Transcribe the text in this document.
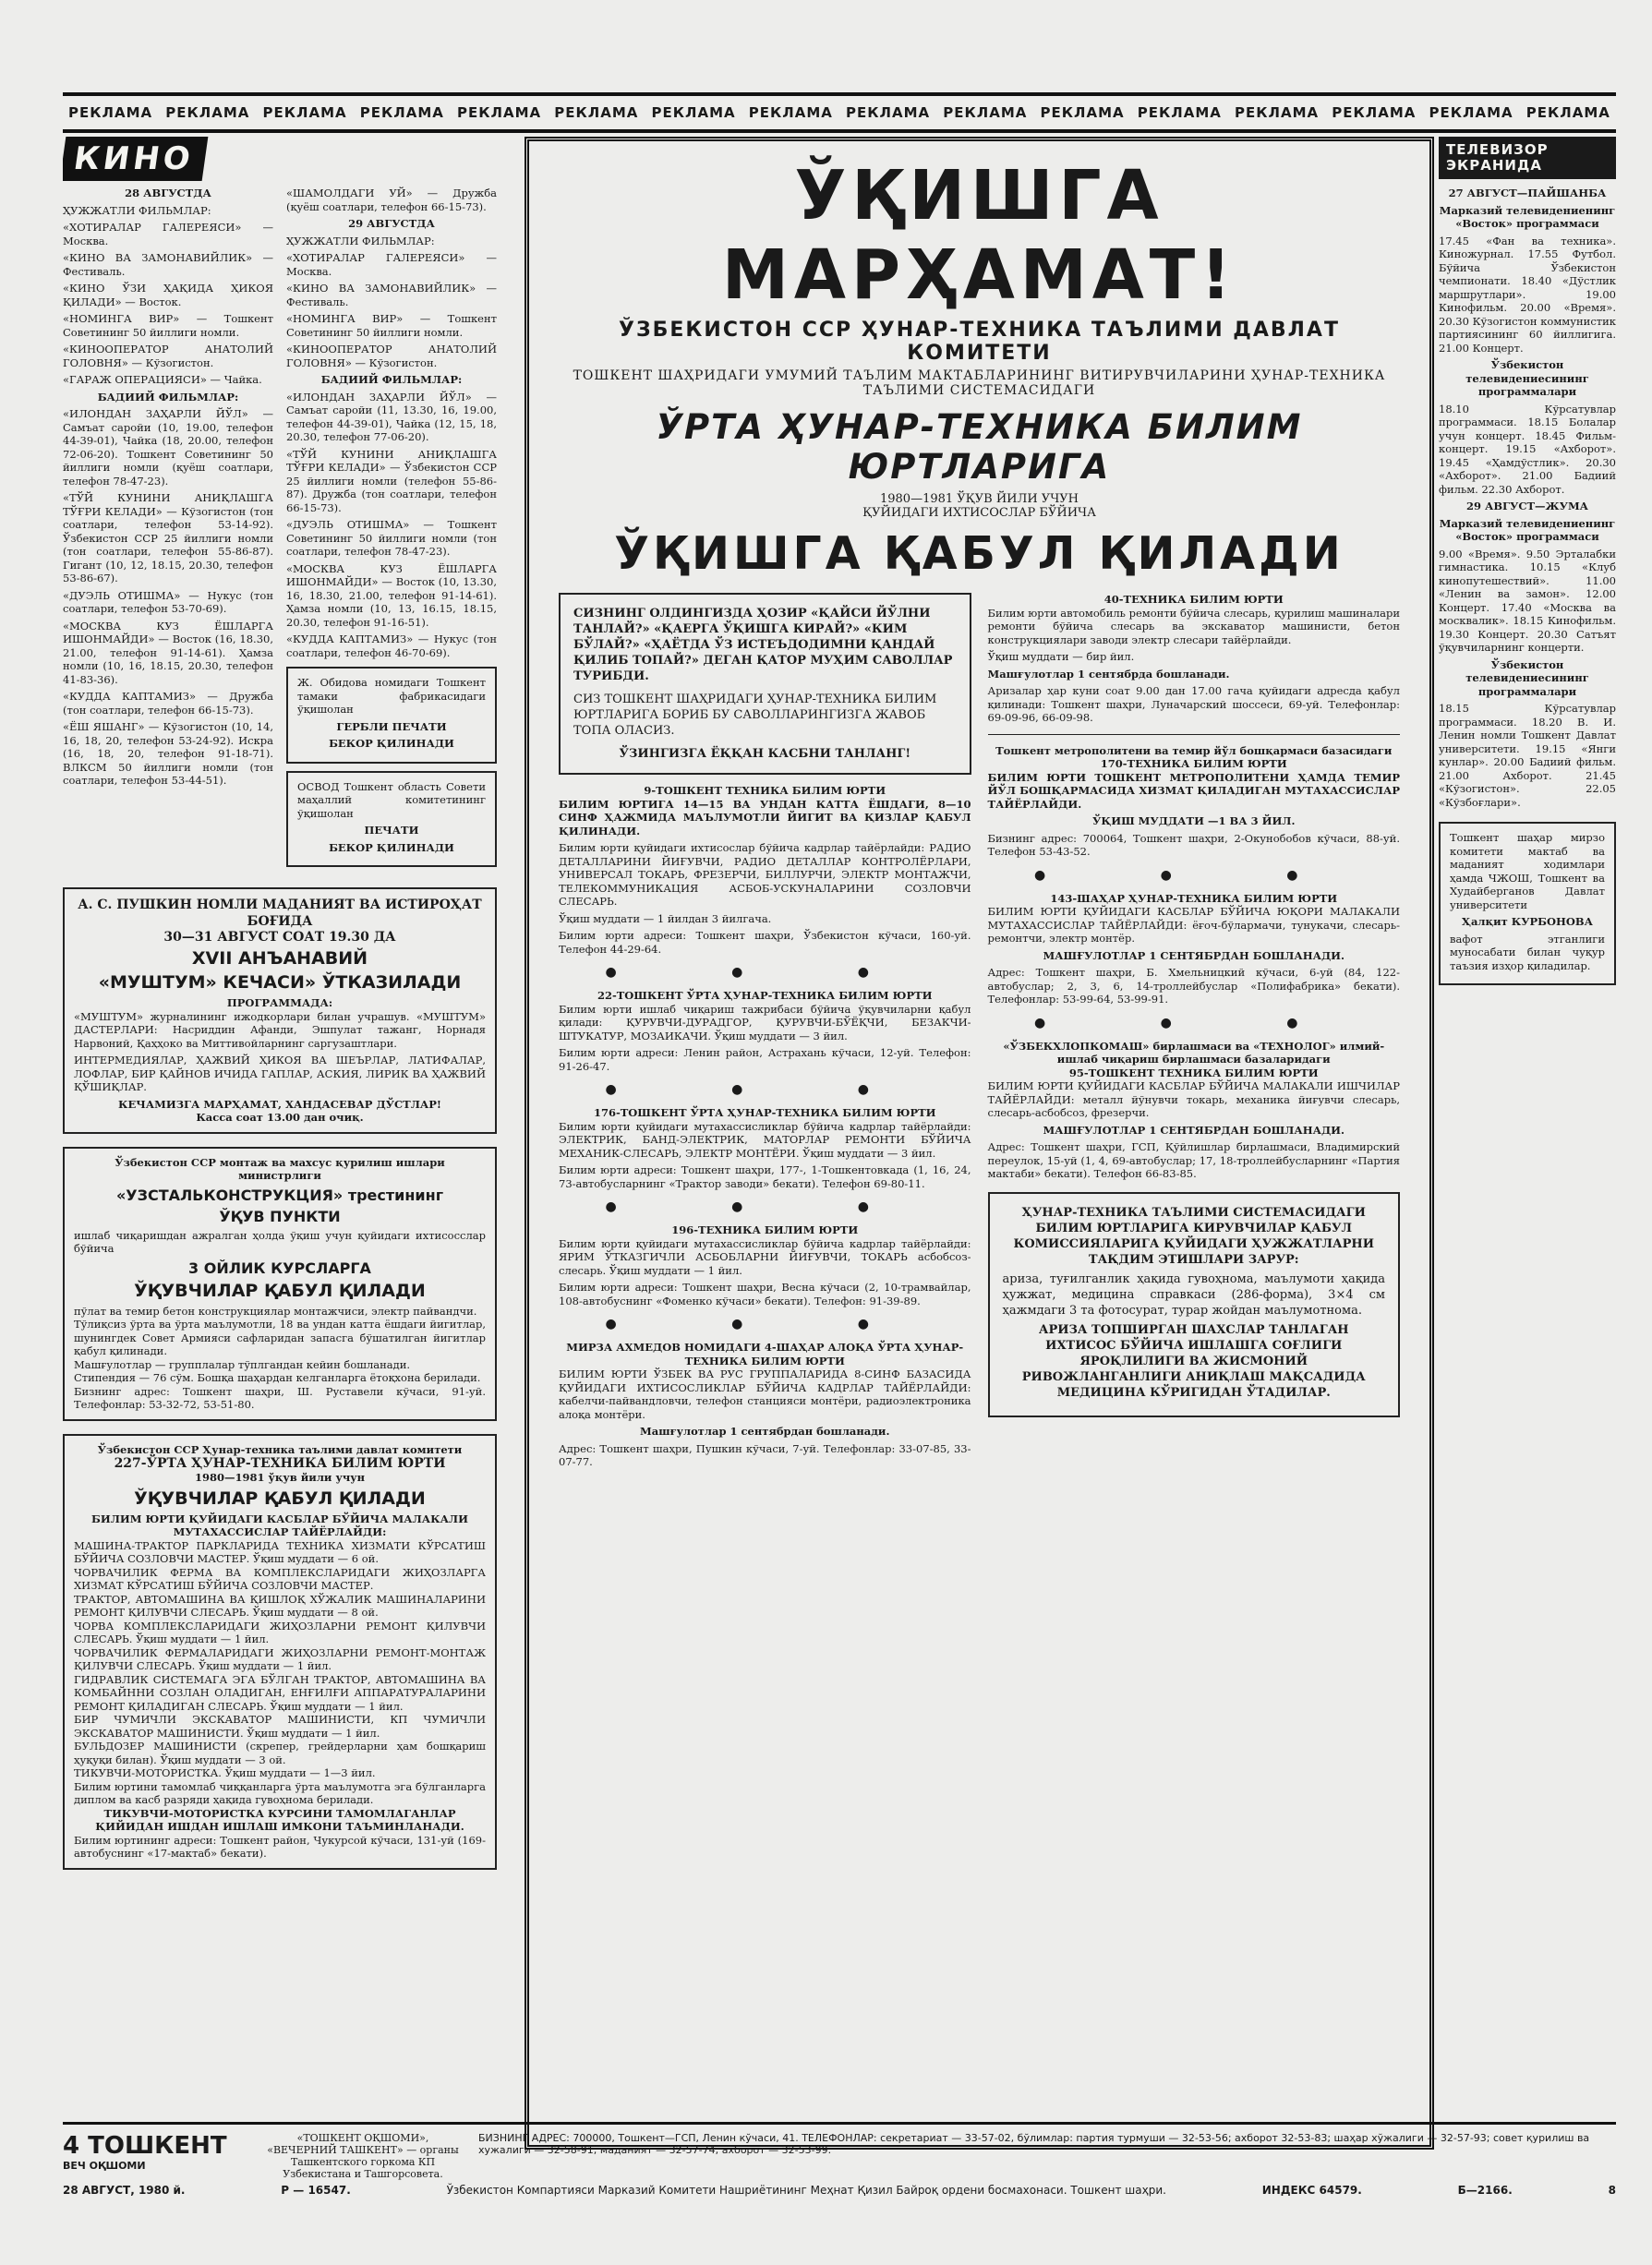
РЕКЛАМА РЕКЛАМА РЕКЛАМА РЕКЛАМА РЕКЛАМА РЕКЛАМА РЕКЛАМА РЕКЛАМА РЕКЛАМА РЕКЛАМА РЕКЛАМА РЕКЛАМА РЕКЛАМА РЕКЛАМА РЕКЛАМА РЕКЛАМА
КИНО

28 АВГУСТДА

ҲУЖЖАТЛИ ФИЛЬМЛАР:

«ХОТИРАЛАР ГАЛЕРЕЯСИ» — Москва.

«КИНО ВА ЗАМОНАВИЙЛИК» — Фестиваль.

«КИНО ЎЗИ ҲАҚИДА ҲИКОЯ ҚИЛАДИ» — Восток.

«НОМИНГА ВИР» — Тошкент Советининг 50 йиллиги номли.

«КИНООПЕРАТОР АНАТОЛИЙ ГОЛОВНЯ» — Кўзогистон.

«ГАРАЖ ОПЕРАЦИЯСИ» — Чайка.

БАДИИЙ ФИЛЬМЛАР:

«ИЛОНДАН ЗАҲАРЛИ ЙЎЛ» — Самъат саройи (10, 19.00, телефон 44-39-01), Чайка (18, 20.00, телефон 72-06-20). Тошкент Советининг 50 йиллиги номли (қуёш соатлари, телефон 78-47-23).

«ТЎЙ КУНИНИ АНИҚЛАШГА ТЎҒРИ КЕЛАДИ» — Кўзогистон (тон соатлари, телефон 53-14-92). Ўзбекистон ССР 25 йиллиги номли (тон соатлари, телефон 55-86-87). Гигант (10, 12, 18.15, 20.30, телефон 53-86-67).

«ДУЭЛЬ ОТИШМА» — Нукус (тон соатлари, телефон 53-70-69).

«МОСКВА КУЗ ЁШЛАРГА ИШОНМАЙДИ» — Восток (16, 18.30, 21.00, телефон 91-14-61). Ҳамза номли (10, 16, 18.15, 20.30, телефон 41-83-36).

«КУДДА КАПТАМИЗ» — Дружба (тон соатлари, телефон 66-15-73).

«ЁШ ЯШАНГ» — Кўзогистон (10, 14, 16, 18, 20, телефон 53-24-92). Искра (16, 18, 20, телефон 91-18-71). ВЛКСМ 50 йиллиги номли (тон соатлари, телефон 53-44-51).

«ШАМОЛДАГИ УЙ» — Дружба (қуёш соатлари, телефон 66-15-73).

29 АВГУСТДА

ҲУЖЖАТЛИ ФИЛЬМЛАР:

«ХОТИРАЛАР ГАЛЕРЕЯСИ» — Москва.

«КИНО ВА ЗАМОНАВИЙЛИК» — Фестиваль.

«НОМИНГА ВИР» — Тошкент Советининг 50 йиллиги номли.

«КИНООПЕРАТОР АНАТОЛИЙ ГОЛОВНЯ» — Кўзогистон.

БАДИИЙ ФИЛЬМЛАР:

«ИЛОНДАН ЗАҲАРЛИ ЙЎЛ» — Самъат саройи (11, 13.30, 16, 19.00, телефон 44-39-01), Чайка (12, 15, 18, 20.30, телефон 77-06-20).

«ТЎЙ КУНИНИ АНИҚЛАШГА ТЎҒРИ КЕЛАДИ» — Ўзбекистон ССР 25 йиллиги номли (телефон 55-86-87). Дружба (тон соатлари, телефон 66-15-73).

«ДУЭЛЬ ОТИШМА» — Тошкент Советининг 50 йиллиги номли (тон соатлари, телефон 78-47-23).

«МОСКВА КУЗ ЁШЛАРГА ИШОНМАЙДИ» — Восток (10, 13.30, 16, 18.30, 21.00, телефон 91-14-61). Ҳамза номли (10, 13, 16.15, 18.15, 20.30, телефон 91-16-51).

«КУДДА КАПТАМИЗ» — Нукус (тон соатлари, телефон 46-70-69).

Ж. Обидова номидаги Тошкент тамаки фабрикасидаги ўқишолан

ГЕРБЛИ ПЕЧАТИ

БЕКОР ҚИЛИНАДИ

ОСВОД Тошкент область Совети маҳаллий комитетининг ўқишолан

ПЕЧАТИ

БЕКОР ҚИЛИНАДИ

А. С. ПУШКИН НОМЛИ МАДАНИЯТ ВА ИСТИРОҲАТ БОҒИДА
30—31 АВГУСТ СОАТ 19.30 ДА
XVII АНЪАНАВИЙ
«МУШТУМ» КЕЧАСИ» ЎТКАЗИЛАДИ
ПРОГРАММАДА:
«МУШТУМ» журналининг ижодкорлари билан учрашув. «МУШТУМ» ДАСТЕРЛАРИ: Насриддин Афанди, Эшпулат тажанг, Норнадя Нарвоний, Қаҳҳоко ва Миттивойларнинг саргузаштлари.
ИНТЕРМЕДИЯЛАР, ҲАЖВИЙ ҲИКОЯ ВА ШЕЪРЛАР, ЛАТИФАЛАР, ЛОФЛАР, БИР ҚАЙНОВ ИЧИДА ГАПЛАР, АСКИЯ, ЛИРИК ВА ҲАЖВИЙ ҚЎШИҚЛАР.
КЕЧАМИЗГА МАРҲАМАТ, ХАНДАСЕВАР ДЎСТЛАР!
Касса соат 13.00 дан очиқ.
Ўзбекистон ССР монтаж ва махсус қурилиш ишлари министрлиги
«УЗСТАЛЬКОНСТРУКЦИЯ» трестининг
ЎҚУВ ПУНКТИ
ишлаб чиқаришдан ажралган ҳолда ўқиш учун қуйидаги ихтисосслар бўйича
3 ОЙЛИК КУРСЛАРГА
ЎҚУВЧИЛАР ҚАБУЛ ҚИЛАДИ
пўлат ва темир бетон конструкциялар монтажчиси, электр пайвандчи.
Тўлиқсиз ўрта ва ўрта маълумотли, 18 ва ундан катта ёшдаги йигитлар, шунингдек Совет Армияси сафларидан запасга бўшатилган йигитлар қабул қилинади.
Машғулотлар — групплалар тўплгандан кейин бошланади.
Стипендия — 76 сўм. Бошқа шаҳардан келганларга ётоқхона берилади.
Бизнинг адрес: Тошкент шаҳри, Ш. Руставели кўчаси, 91-уй. Телефонлар: 53-32-72, 53-51-80.
Ўзбекистон ССР Ҳунар-техника таълими давлат комитети
227-ЎРТА ҲУНАР-ТЕХНИКА БИЛИМ ЮРТИ
1980—1981 ўқув йили учун
ЎҚУВЧИЛАР ҚАБУЛ ҚИЛАДИ
БИЛИМ ЮРТИ ҚУЙИДАГИ КАСБЛАР БЎЙИЧА МАЛАКАЛИ МУТАХАССИСЛАР ТАЙЁРЛАЙДИ:
МАШИНА-ТРАКТОР ПАРКЛАРИДА ТЕХНИКА ХИЗМАТИ КЎРСАТИШ БЎЙИЧА СОЗЛОВЧИ МАСТЕР. Ўқиш муддати — 6 ой.
ЧОРВАЧИЛИК ФЕРМА ВА КОМПЛЕКСЛАРИДАГИ ЖИҲОЗЛАРГА ХИЗМАТ КЎРСАТИШ БЎЙИЧА СОЗЛОВЧИ МАСТЕР.
ТРАКТОР, АВТОМАШИНА ВА ҚИШЛОҚ ХЎЖАЛИК МАШИНАЛАРИНИ РЕМОНТ ҚИЛУВЧИ СЛЕСАРЬ. Ўқиш муддати — 8 ой.
ЧОРВА КОМПЛЕКСЛАРИДАГИ ЖИҲОЗЛАРНИ РЕМОНТ ҚИЛУВЧИ СЛЕСАРЬ. Ўқиш муддати — 1 йил.
ЧОРВАЧИЛИК ФЕРМАЛАРИДАГИ ЖИҲОЗЛАРНИ РЕМОНТ-МОНТАЖ ҚИЛУВЧИ СЛЕСАРЬ. Ўқиш муддати — 1 йил.
ГИДРАВЛИК СИСТЕМАГА ЭГА БЎЛГАН ТРАКТОР, АВТОМАШИНА ВА КОМБАЙННИ СОЗЛАН ОЛАДИГАН, ЕНҒИЛҒИ АППАРАТУРАЛАРИНИ РЕМОНТ ҚИЛАДИГАН СЛЕСАРЬ. Ўқиш муддати — 1 йил.
БИР ЧУМИЧЛИ ЭКСКАВАТОР МАШИНИСТИ, КП ЧУМИЧЛИ ЭКСКАВАТОР МАШИНИСТИ. Ўқиш муддати — 1 йил.
БУЛЬДОЗЕР МАШИНИСТИ (скрепер, грейдерларни ҳам бошқариш ҳуқуқи билан). Ўқиш муддати — 3 ой.
ТИКУВЧИ-МОТОРИСТКА. Ўқиш муддати — 1—3 йил.
Билим юртини тамомлаб чиққанларга ўрта маълумотга эга бўлганларга диплом ва касб разряди ҳақида гувоҳнома берилади.
ТИКУВЧИ-МОТОРИСТКА КУРСИНИ ТАМОМЛАГАНЛАР ҚИЙИДАН ИШДАН ИШЛАШ ИМКОНИ ТАЪМИНЛАНАДИ.
Билим юртининг адреси: Тошкент район, Чукурсой кўчаси, 131-уй (169-автобуснинг «17-мактаб» бекати).
ЎҚИШГА МАРҲАМАТ!
ЎЗБЕКИСТОН ССР ҲУНАР-ТЕХНИКА ТАЪЛИМИ ДАВЛАТ КОМИТЕТИ
ТОШКЕНТ ШАҲРИДАГИ УМУМИЙ ТАЪЛИМ МАКТАБЛАРИНИНГ ВИТИРУВЧИЛАРИНИ ҲУНАР-ТЕХНИКА ТАЪЛИМИ СИСТЕМАСИДАГИ
ЎРТА ҲУНАР-ТЕХНИКА БИЛИМ ЮРТЛАРИГА
1980—1981 ЎҚУВ ЙИЛИ УЧУН
ҚУЙИДАГИ ИХТИСОСЛАР БЎЙИЧА
ЎҚИШГА ҚАБУЛ ҚИЛАДИ

СИЗНИНГ ОЛДИНГИЗДА ҲОЗИР «ҚАЙСИ ЙЎЛНИ ТАНЛАЙ?» «ҚАЕРГА ЎҚИШГА КИРАЙ?» «КИМ БЎЛАЙ?» «ҲАЁТДА ЎЗ ИСТЕЪДОДИМНИ ҚАНДАЙ ҚИЛИБ ТОПАЙ?» ДЕГАН ҚАТОР МУҲИМ САВОЛЛАР ТУРИБДИ.

СИЗ ТОШКЕНТ ШАҲРИДАГИ ҲУНАР-ТЕХНИКА БИЛИМ ЮРТЛАРИГА БОРИБ БУ САВОЛЛАРИНГИЗГА ЖАВОБ ТОПА ОЛАСИЗ.

ЎЗИНГИЗГА ЁҚҚАН КАСБНИ ТАНЛАНГ!

9-ТОШКЕНТ ТЕХНИКА БИЛИМ ЮРТИ

БИЛИМ ЮРТИГА 14—15 ВА УНДАН КАТТА ЁШДАГИ, 8—10 СИНФ ҲАЖМИДА МАЪЛУМОТЛИ ЙИГИТ ВА ҚИЗЛАР ҚАБУЛ ҚИЛИНАДИ.

Билим юрти қуйидаги ихтисослар бўйича кадрлар тайёрлайди: РАДИО ДЕТАЛЛАРИНИ ЙИҒУВЧИ, РАДИО ДЕТАЛЛАР КОНТРОЛЁРЛАРИ, УНИВЕРСАЛ ТОКАРЬ, ФРЕЗЕРЧИ, БИЛЛУРЧИ, ЭЛЕКТР МОНТАЖЧИ, ТЕЛЕКОММУНИКАЦИЯ АСБОБ-УСКУНАЛАРИНИ СОЗЛОВЧИ СЛЕСАРЬ.

Ўқиш муддати — 1 йилдан 3 йилгача.

Билим юрти адреси: Тошкент шаҳри, Ўзбекистон кўчаси, 160-уй. Телефон 44-29-64.

● ● ●
22-ТОШКЕНТ ЎРТА ҲУНАР-ТЕХНИКА БИЛИМ ЮРТИ

Билим юрти ишлаб чиқариш тажрибаси бўйича ўқувчиларни қабул қилади: ҚУРУВЧИ-ДУРАДГОР, ҚУРУВЧИ-БЎЁҚЧИ, БЕЗАКЧИ-ШТУКАТУР, МОЗАИКАЧИ. Ўқиш муддати — 3 йил.

Билим юрти адреси: Ленин район, Астрахань кўчаси, 12-уй. Телефон: 91-26-47.

● ● ●
176-ТОШКЕНТ ЎРТА ҲУНАР-ТЕХНИКА БИЛИМ ЮРТИ

Билим юрти қуйидаги мутахассисликлар бўйича кадрлар тайёрлайди: ЭЛЕКТРИК, БАНД-ЭЛЕКТРИК, МАТОРЛАР РЕМОНТИ БЎЙИЧА МЕХАНИК-СЛЕСАРЬ, ЭЛЕКТР МОНТЁРИ. Ўқиш муддати — 3 йил.

Билим юрти адреси: Тошкент шаҳри, 177-, 1-Тошкентовкада (1, 16, 24, 73-автобусларнинг «Трактор заводи» бекати). Телефон 69-80-11.

● ● ●
196-ТЕХНИКА БИЛИМ ЮРТИ

Билим юрти қуйидаги мутахассисликлар бўйича кадрлар тайёрлайди: ЯРИМ ЎТКАЗГИЧЛИ АСБОБЛАРНИ ЙИҒУВЧИ, ТОКАРЬ асбобсоз-слесарь. Ўқиш муддати — 1 йил.

Билим юрти адреси: Тошкент шаҳри, Весна кўчаси (2, 10-трамвайлар, 108-автобуснинг «Фоменко кўчаси» бекати). Телефон: 91-39-89.

● ● ●
МИРЗА АХМЕДОВ НОМИДАГИ 4-ШАҲАР АЛОҚА ЎРТА ҲУНАР-ТЕХНИКА БИЛИМ ЮРТИ

БИЛИМ ЮРТИ ЎЗБЕК ВА РУС ГРУППАЛАРИДА 8-СИНФ БАЗАСИДА ҚУЙИДАГИ ИХТИСОСЛИКЛАР БЎЙИЧА КАДРЛАР ТАЙЁРЛАЙДИ: кабелчи-пайвандловчи, телефон станцияси монтёри, радиоэлектроника алоқа монтёри.

Машғулотлар 1 сентябрдан бошланади.

Адрес: Тошкент шаҳри, Пушкин кўчаси, 7-уй. Телефонлар: 33-07-85, 33-07-77.

40-ТЕХНИКА БИЛИМ ЮРТИ

Билим юрти автомобиль ремонти бўйича слесарь, қурилиш машиналари ремонти бўйича слесарь ва экскаватор машинисти, бетон конструкциялари заводи электр слесари тайёрлайди.

Ўқиш муддати — бир йил.

Машғулотлар 1 сентябрда бошланади.

Аризалар ҳар куни соат 9.00 дан 17.00 гача қуйидаги адресда қабул қилинади: Тошкент шаҳри, Луначарский шоссеси, 69-уй. Телефонлар: 69-09-96, 66-09-98.

Тошкент метрополитени ва темир йўл бошқармаси базасидаги
170-ТЕХНИКА БИЛИМ ЮРТИ

БИЛИМ ЮРТИ ТОШКЕНТ МЕТРОПОЛИТЕНИ ҲАМДА ТЕМИР ЙЎЛ БОШҚАРМАСИДА ХИЗМАТ ҚИЛАДИГАН МУТАХАССИСЛАР ТАЙЁРЛАЙДИ.

ЎҚИШ МУДДАТИ —1 ВА 3 ЙИЛ.

Бизнинг адрес: 700064, Тошкент шаҳри, 2-Окунобобов кўчаси, 88-уй. Телефон 53-43-52.

● ● ●
143-ШАҲАР ҲУНАР-ТЕХНИКА БИЛИМ ЮРТИ

БИЛИМ ЮРТИ ҚУЙИДАГИ КАСБЛАР БЎЙИЧА ЮҚОРИ МАЛАКАЛИ МУТАХАССИСЛАР ТАЙЁРЛАЙДИ: ёғоч-бўлармачи, тунукачи, слесарь-ремонтчи, электр монтёр.

МАШҒУЛОТЛАР 1 СЕНТЯБРДАН БОШЛАНАДИ.

Адрес: Тошкент шаҳри, Б. Хмельницкий кўчаси, 6-уй (84, 122-автобуслар; 2, 3, 6, 14-троллейбуслар «Полифабрика» бекати). Телефонлар: 53-99-64, 53-99-91.

● ● ●
«ЎЗБЕКХЛОПКОМАШ» бирлашмаси ва «ТЕХНОЛОГ» илмий-ишлаб чиқариш бирлашмаси базаларидаги
95-ТОШКЕНТ ТЕХНИКА БИЛИМ ЮРТИ

БИЛИМ ЮРТИ ҚУЙИДАГИ КАСБЛАР БЎЙИЧА МАЛАКАЛИ ИШЧИЛАР ТАЙЁРЛАЙДИ: металл йўнувчи токарь, механика йиғувчи слесарь, слесарь-асбобсоз, фрезерчи.

МАШҒУЛОТЛАР 1 СЕНТЯБРДАН БОШЛАНАДИ.

Адрес: Тошкент шаҳри, ГСП, Қўйлишлар бирлашмаси, Владимирский переулок, 15-уй (1, 4, 69-автобуслар; 17, 18-троллейбусларнинг «Партия мактаби» бекати). Телефон 66-83-85.

ҲУНАР-ТЕХНИКА ТАЪЛИМИ СИСТЕМАСИДАГИ БИЛИМ ЮРТЛАРИГА КИРУВЧИЛАР ҚАБУЛ КОМИССИЯЛАРИГА ҚУЙИДАГИ ҲУЖЖАТЛАРНИ ТАҚДИМ ЭТИШЛАРИ ЗАРУР:

ариза, туғилганлик ҳақида гувоҳнома, маълумоти ҳақида ҳужжат, медицина справкаси (286-форма), 3×4 см ҳажмдаги 3 та фотосурат, турар жойдан маълумотнома.

АРИЗА ТОПШИРГАН ШАХСЛАР ТАНЛАГАН ИХТИСОС БЎЙИЧА ИШЛАШГА СОҒЛИГИ ЯРОҚЛИЛИГИ ВА ЖИСМОНИЙ РИВОЖЛАНГАНЛИГИ АНИҚЛАШ МАҚСАДИДА МЕДИЦИНА КЎРИГИДАН ЎТАДИЛАР.

ТЕЛЕВИЗОР
ЭКРАНИДА

27 АВГУСТ—ПАЙШАНБА

Марказий телевидениенинг «Восток» программаси

17.45 «Фан ва техника». Киножурнал. 17.55 Футбол. Бўйича Ўзбекистон чемпионати. 18.40 «Дўстлик маршрутлари». 19.00 Кинофильм. 20.00 «Время». 20.30 Кўзогистон коммунистик партиясининг 60 йиллигига. 21.00 Концерт.

Ўзбекистон телевидениесининг программалари

18.10 Кўрсатувлар программаси. 18.15 Болалар учун концерт. 18.45 Фильм-концерт. 19.15 «Ахборот». 19.45 «Ҳамдўстлик». 20.30 «Ахборот». 21.00 Бадиий фильм. 22.30 Ахборот.

29 АВГУСТ—ЖУМА

Марказий телевидениенинг «Восток» программаси

9.00 «Время». 9.50 Эрталабки гимнастика. 10.15 «Клуб кинопутешествий». 11.00 «Ленин ва замон». 12.00 Концерт. 17.40 «Москва ва москвалик». 18.15 Кинофильм. 19.30 Концерт. 20.30 Сатъят ўқувчиларнинг концерти.

Ўзбекистон телевидениесининг программалари

18.15 Кўрсатувлар программаси. 18.20 В. И. Ленин номли Тошкент Давлат университети. 19.15 «Янги кунлар». 20.00 Бадиий фильм. 21.00 Ахборот. 21.45 «Кўзогистон». 22.05 «Кўзбоғлари».

Тошкент шаҳар мирзо комитети мактаб ва маданият ходимлари ҳамда ЧЖОШ, Тошкент ва Худайберганов Давлат университети

Ҳалқит КУРБОНОВА

вафот этганлиги муносабати билан чуқур таъзия изҳор қиладилар.

4 ТОШКЕНТ
ВЕЧ ОҚШОМИ
«ТОШКЕНТ ОҚШОМИ», «ВЕЧЕРНИЙ ТАШКЕНТ» — органы Ташкентского горкома КП Узбекистана и Ташгорсовета.
БИЗНИНГ АДРЕС: 700000, Тошкент—ГСП, Ленин кўчаси, 41. ТЕЛЕФОНЛАР: секретариат — 33-57-02, бўлимлар: партия турмуши — 32-53-56; ахборот 32-53-83; шаҳар хўжалиги — 32-57-93; совет қурилиш ва хужалиги — 32-58-91; маданият — 32-57-74; ахборот — 32-53-99.
28 АВГУСТ, 1980 й.	Р — 16547.	Ўзбекистон Компартияси Марказий Комитети Нашриётининг Меҳнат Қизил Байроқ ордени босмахонаси. Тошкент шаҳри.	ИНДЕКС 64579.	Б—2166.	8
